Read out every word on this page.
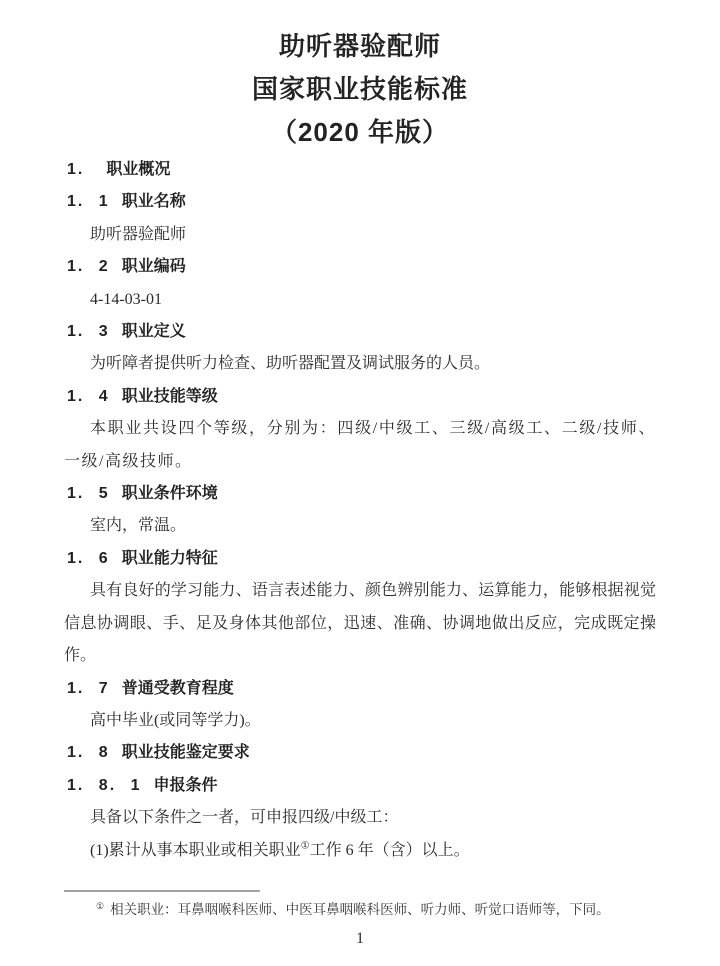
助听器验配师
国家职业技能标准
（2020 年版）

1. 职业概况

1. 1 职业名称

助听器验配师

1. 2 职业编码

4-14-03-01

1. 3 职业定义

为听障者提供听力检查、助听器配置及调试服务的人员。

1. 4 职业技能等级

本职业共设四个等级，分别为：四级/中级工、三级/高级工、二级/技师、一级/高级技师。

1. 5 职业条件环境

室内，常温。

1. 6 职业能力特征

具有良好的学习能力、语言表述能力、颜色辨别能力、运算能力，能够根据视觉信息协调眼、手、足及身体其他部位，迅速、准确、协调地做出反应，完成既定操作。

1. 7 普通受教育程度

高中毕业(或同等学力)。

1. 8 职业技能鉴定要求

1. 8. 1 申报条件

具备以下条件之一者，可申报四级/中级工：

(1)累计从事本职业或相关职业①工作 6 年（含）以上。

① 相关职业：耳鼻咽喉科医师、中医耳鼻咽喉科医师、听力师、听觉口语师等，下同。

1
